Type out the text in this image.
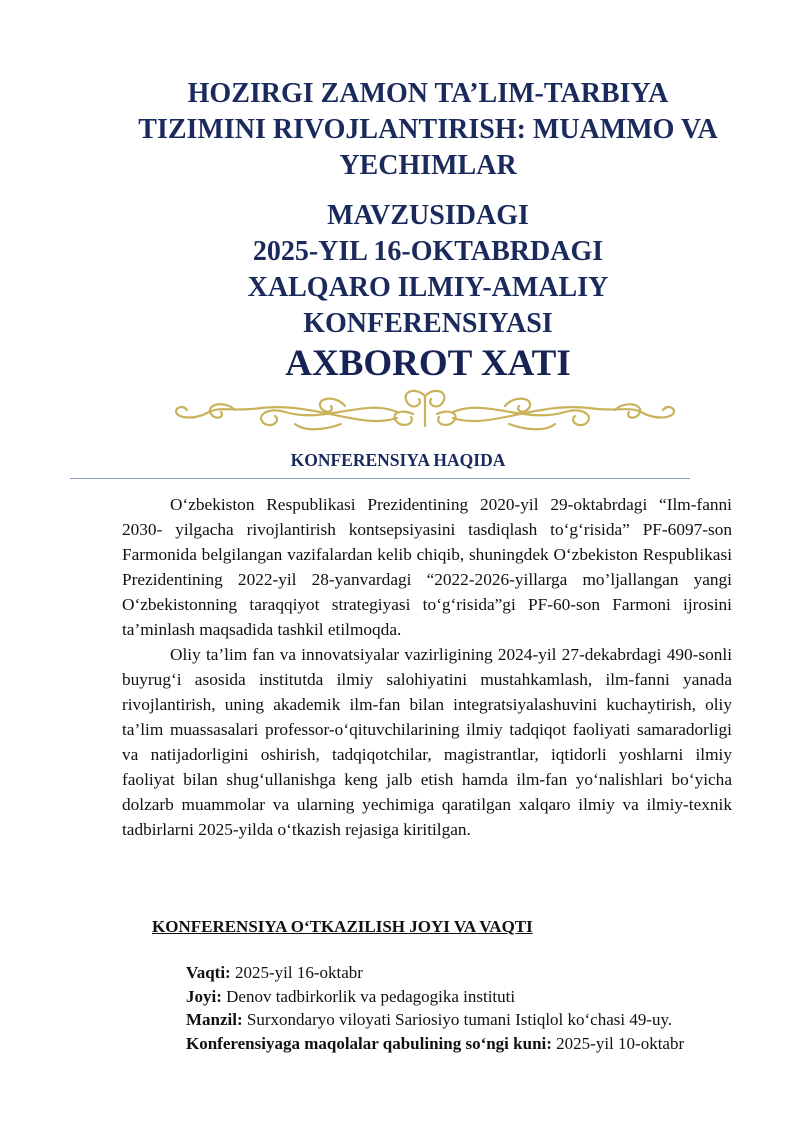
HOZIRGI ZAMON TA’LIM-TARBIYA
TIZIMINI RIVOJLANTIRISH: MUAMMO VA
YECHIMLAR
MAVZUSIDAGI
2025-YIL 16-OKTABRDAGI
XALQARO ILMIY-AMALIY
KONFERENSIYASI
AXBOROT XATI
KONFERENSIYA HAQIDA

O‘zbekiston Respublikasi Prezidentining 2020-yil 29-oktabrdagi “Ilm-fanni 2030- yilgacha rivojlantirish kontsepsiyasini tasdiqlash to‘g‘risida” PF-6097-son Farmonida belgilangan vazifalardan kelib chiqib, shuningdek O‘zbekiston Respublikasi Prezidentining 2022-yil 28-yanvardagi “2022-2026-yillarga mo’ljallangan yangi O‘zbekistonning taraqqiyot strategiyasi to‘g‘risida”gi PF-60-son Farmoni ijrosini ta’minlash maqsadida tashkil etilmoqda.

Oliy ta’lim fan va innovatsiyalar vazirligining 2024-yil 27-dekabrdagi 490-sonli buyrug‘i asosida institutda ilmiy salohiyatini mustahkamlash, ilm-fanni yanada rivojlantirish, uning akademik ilm-fan bilan integratsiyalashuvini kuchaytirish, oliy ta’lim muassasalari professor-o‘qituvchilarining ilmiy tadqiqot faoliyati samaradorligi va natijadorligini oshirish, tadqiqotchilar, magistrantlar, iqtidorli yoshlarni ilmiy faoliyat bilan shug‘ullanishga keng jalb etish hamda ilm-fan yo‘nalishlari bo‘yicha dolzarb muammolar va ularning yechimiga qaratilgan xalqaro ilmiy va ilmiy-texnik tadbirlarni 2025-yilda o‘tkazish rejasiga kiritilgan.

KONFERENSIYA O‘TKAZILISH JOYI VA VAQTI
Vaqti: 2025-yil 16-oktabr
Joyi: Denov tadbirkorlik va pedagogika instituti
Manzil: Surxondaryo viloyati Sariosiyo tumani Istiqlol ko‘chasi 49-uy.
Konferensiyaga maqolalar qabulining so‘ngi kuni: 2025-yil 10-oktabr
